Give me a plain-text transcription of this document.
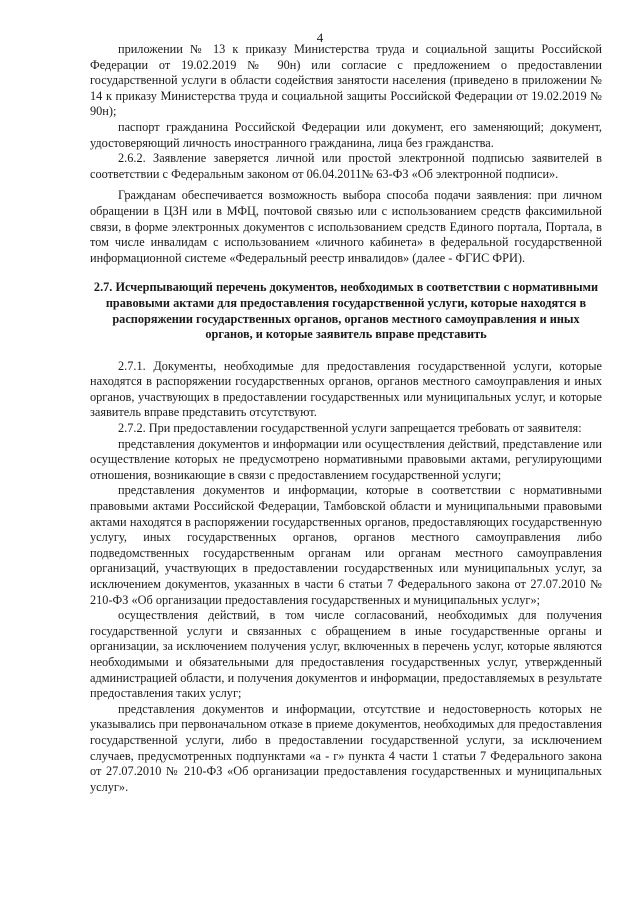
4

приложении № 13 к приказу Министерства труда и социальной защиты Российской Федерации от 19.02.2019 № 90н) или согласие с предложением о предоставлении государственной услуги в области содействия занятости населения (приведено в приложении № 14 к приказу Министерства труда и социальной защиты Российской Федерации от 19.02.2019 № 90н);

паспорт гражданина Российской Федерации или документ, его заменяющий; документ, удостоверяющий личность иностранного гражданина, лица без гражданства.

2.6.2. Заявление заверяется личной или простой электронной подписью заявителей в соответствии с Федеральным законом от 06.04.2011№ 63-ФЗ «Об электронной подписи».

Гражданам обеспечивается возможность выбора способа подачи заявления: при личном обращении в ЦЗН или в МФЦ, почтовой связью или с использованием средств факсимильной связи, в форме электронных документов с использованием средств Единого портала, Портала, в том числе инвалидам с использованием «личного кабинета» в федеральной государственной информационной системе «Федеральный реестр инвалидов» (далее - ФГИС ФРИ).

2.7. Исчерпывающий перечень документов, необходимых в соответствии с нормативными правовыми актами для предоставления государственной услуги, которые находятся в распоряжении государственных органов, органов местного самоуправления и иных органов, и которые заявитель вправе представить

2.7.1. Документы, необходимые для предоставления государственной услуги, которые находятся в распоряжении государственных органов, органов местного самоуправления и иных органов, участвующих в предоставлении государственных или муниципальных услуг, и которые заявитель вправе представить отсутствуют.

2.7.2. При предоставлении государственной услуги запрещается требовать от заявителя:

представления документов и информации или осуществления действий, представление или осуществление которых не предусмотрено нормативными правовыми актами, регулирующими отношения, возникающие в связи с предоставлением государственной услуги;

представления документов и информации, которые в соответствии с нормативными правовыми актами Российской Федерации, Тамбовской области и муниципальными правовыми актами находятся в распоряжении государственных органов, предоставляющих государственную услугу, иных государственных органов, органов местного самоуправления либо подведомственных государственным органам или органам местного самоуправления организаций, участвующих в предоставлении государственных или муниципальных услуг, за исключением документов, указанных в части 6 статьи 7 Федерального закона от 27.07.2010 № 210-ФЗ «Об организации предоставления государственных и муниципальных услуг»;

осуществления действий, в том числе согласований, необходимых для получения государственной услуги и связанных с обращением в иные государственные органы и организации, за исключением получения услуг, включенных в перечень услуг, которые являются необходимыми и обязательными для предоставления государственных услуг, утвержденный администрацией области, и получения документов и информации, предоставляемых в результате предоставления таких услуг;

представления документов и информации, отсутствие и недостоверность которых не указывались при первоначальном отказе в приеме документов, необходимых для предоставления государственной услуги, либо в предоставлении государственной услуги, за исключением случаев, предусмотренных подпунктами «а - г» пункта 4 части 1 статьи 7 Федерального закона от 27.07.2010 № 210-ФЗ «Об организации предоставления государственных и муниципальных услуг».
